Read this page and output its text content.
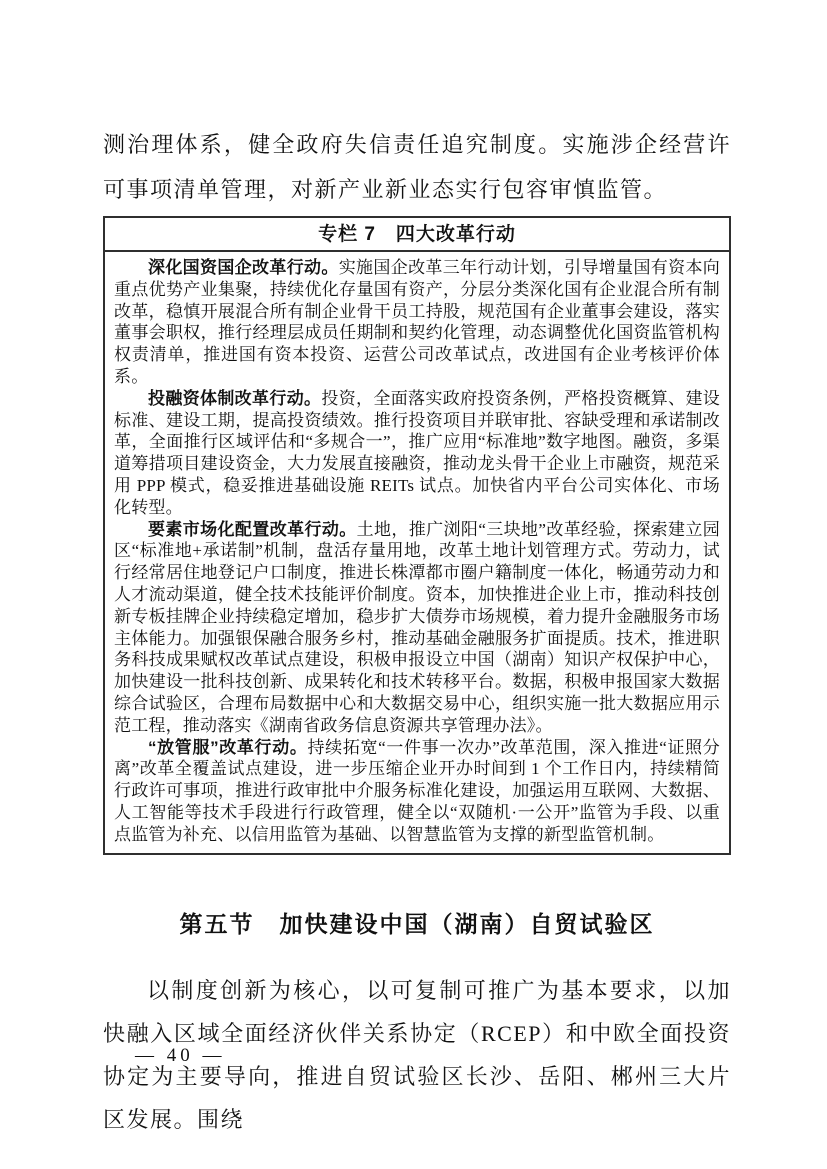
测治理体系，健全政府失信责任追究制度。实施涉企经营许可事项清单管理，对新产业新业态实行包容审慎监管。

专栏 7　四大改革行动

深化国资国企改革行动。实施国企改革三年行动计划，引导增量国有资本向重点优势产业集聚，持续优化存量国有资产，分层分类深化国有企业混合所有制改革，稳慎开展混合所有制企业骨干员工持股，规范国有企业董事会建设，落实董事会职权，推行经理层成员任期制和契约化管理，动态调整优化国资监管机构权责清单，推进国有资本投资、运营公司改革试点，改进国有企业考核评价体系。

投融资体制改革行动。投资，全面落实政府投资条例，严格投资概算、建设标准、建设工期，提高投资绩效。推行投资项目并联审批、容缺受理和承诺制改革，全面推行区域评估和“多规合一”，推广应用“标准地”数字地图。融资，多渠道筹措项目建设资金，大力发展直接融资，推动龙头骨干企业上市融资，规范采用 PPP 模式，稳妥推进基础设施 REITs 试点。加快省内平台公司实体化、市场化转型。

要素市场化配置改革行动。土地，推广浏阳“三块地”改革经验，探索建立园区“标准地+承诺制”机制，盘活存量用地，改革土地计划管理方式。劳动力，试行经常居住地登记户口制度，推进长株潭都市圈户籍制度一体化，畅通劳动力和人才流动渠道，健全技术技能评价制度。资本，加快推进企业上市，推动科技创新专板挂牌企业持续稳定增加，稳步扩大债券市场规模，着力提升金融服务市场主体能力。加强银保融合服务乡村，推动基础金融服务扩面提质。技术，推进职务科技成果赋权改革试点建设，积极申报设立中国（湖南）知识产权保护中心，加快建设一批科技创新、成果转化和技术转移平台。数据，积极申报国家大数据综合试验区，合理布局数据中心和大数据交易中心，组织实施一批大数据应用示范工程，推动落实《湖南省政务信息资源共享管理办法》。

“放管服”改革行动。持续拓宽“一件事一次办”改革范围，深入推进“证照分离”改革全覆盖试点建设，进一步压缩企业开办时间到 1 个工作日内，持续精简行政许可事项，推进行政审批中介服务标准化建设，加强运用互联网、大数据、人工智能等技术手段进行行政管理，健全以“双随机·一公开”监管为手段、以重点监管为补充、以信用监管为基础、以智慧监管为支撑的新型监管机制。

第五节　加快建设中国（湖南）自贸试验区

以制度创新为核心，以可复制可推广为基本要求，以加快融入区域全面经济伙伴关系协定（RCEP）和中欧全面投资协定为主要导向，推进自贸试验区长沙、岳阳、郴州三大片区发展。围绕

— 40 —
